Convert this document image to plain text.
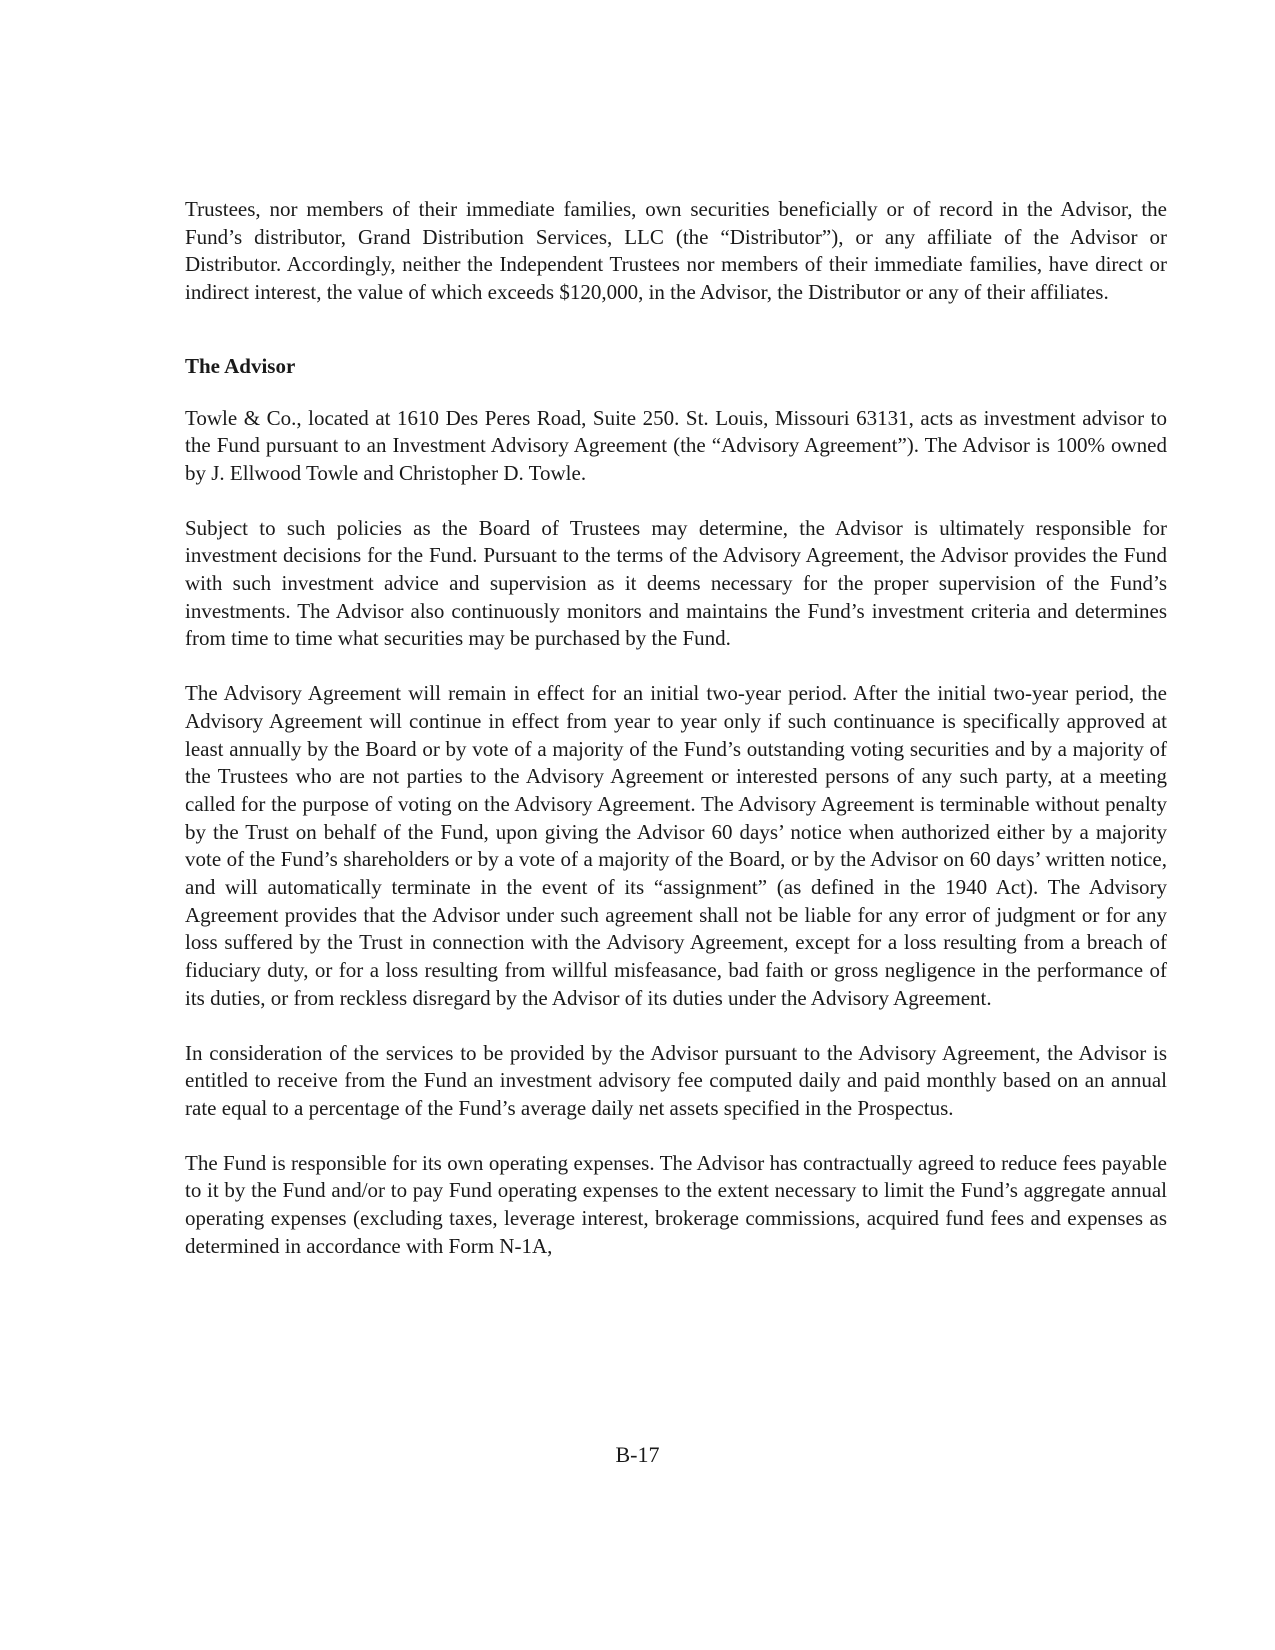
Trustees, nor members of their immediate families, own securities beneficially or of record in the Advisor, the Fund’s distributor, Grand Distribution Services, LLC (the “Distributor”), or any affiliate of the Advisor or Distributor. Accordingly, neither the Independent Trustees nor members of their immediate families, have direct or indirect interest, the value of which exceeds $120,000, in the Advisor, the Distributor or any of their affiliates.

The Advisor

Towle & Co., located at 1610 Des Peres Road, Suite 250. St. Louis, Missouri 63131, acts as investment advisor to the Fund pursuant to an Investment Advisory Agreement (the “Advisory Agreement”). The Advisor is 100% owned by J. Ellwood Towle and Christopher D. Towle.

Subject to such policies as the Board of Trustees may determine, the Advisor is ultimately responsible for investment decisions for the Fund. Pursuant to the terms of the Advisory Agreement, the Advisor provides the Fund with such investment advice and supervision as it deems necessary for the proper supervision of the Fund’s investments. The Advisor also continuously monitors and maintains the Fund’s investment criteria and determines from time to time what securities may be purchased by the Fund.

The Advisory Agreement will remain in effect for an initial two-year period. After the initial two-year period, the Advisory Agreement will continue in effect from year to year only if such continuance is specifically approved at least annually by the Board or by vote of a majority of the Fund’s outstanding voting securities and by a majority of the Trustees who are not parties to the Advisory Agreement or interested persons of any such party, at a meeting called for the purpose of voting on the Advisory Agreement. The Advisory Agreement is terminable without penalty by the Trust on behalf of the Fund, upon giving the Advisor 60 days’ notice when authorized either by a majority vote of the Fund’s shareholders or by a vote of a majority of the Board, or by the Advisor on 60 days’ written notice, and will automatically terminate in the event of its “assignment” (as defined in the 1940 Act). The Advisory Agreement provides that the Advisor under such agreement shall not be liable for any error of judgment or for any loss suffered by the Trust in connection with the Advisory Agreement, except for a loss resulting from a breach of fiduciary duty, or for a loss resulting from willful misfeasance, bad faith or gross negligence in the performance of its duties, or from reckless disregard by the Advisor of its duties under the Advisory Agreement.

In consideration of the services to be provided by the Advisor pursuant to the Advisory Agreement, the Advisor is entitled to receive from the Fund an investment advisory fee computed daily and paid monthly based on an annual rate equal to a percentage of the Fund’s average daily net assets specified in the Prospectus.

The Fund is responsible for its own operating expenses. The Advisor has contractually agreed to reduce fees payable to it by the Fund and/or to pay Fund operating expenses to the extent necessary to limit the Fund’s aggregate annual operating expenses (excluding taxes, leverage interest, brokerage commissions, acquired fund fees and expenses as determined in accordance with Form N-1A,

B-17
